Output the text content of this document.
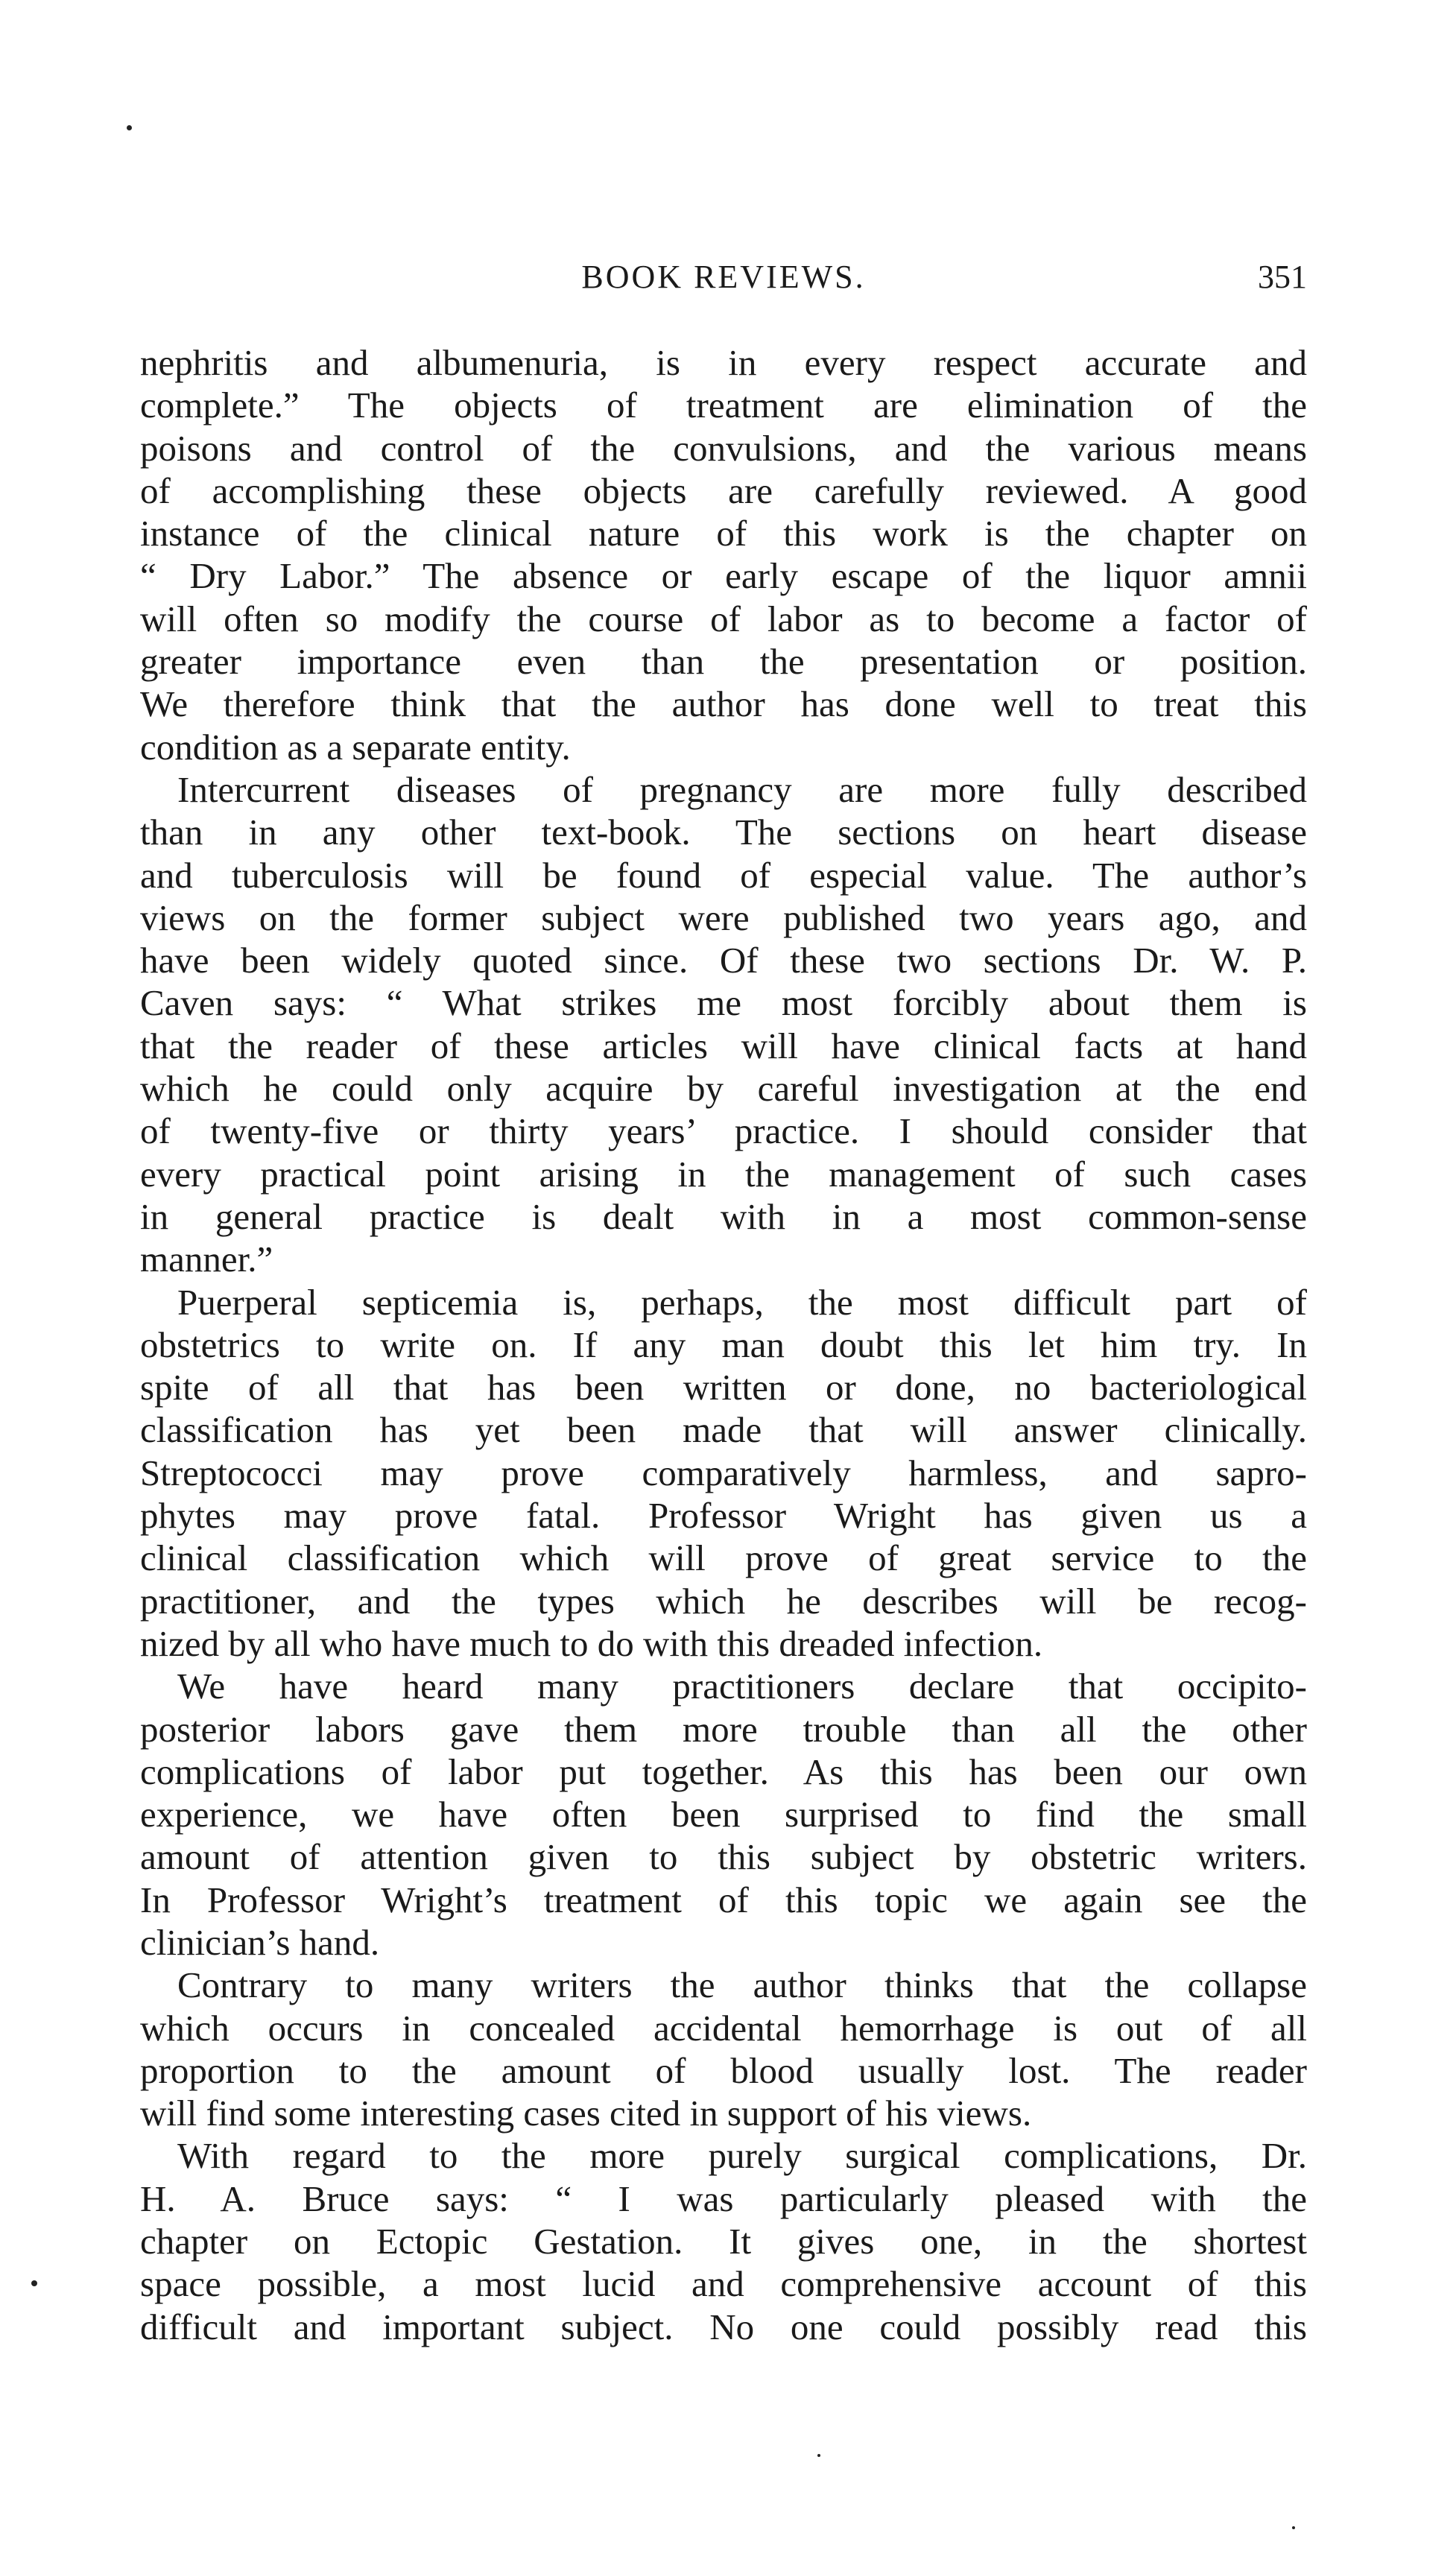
BOOK REVIEWS.	351
nephritis and albumenuria, is in every respect accurate and
complete.” The objects of treatment are elimination of the
poisons and control of the convulsions, and the various means
of accomplishing these objects are carefully reviewed. A good
instance of the clinical nature of this work is the chapter on
“ Dry Labor.” The absence or early escape of the liquor amnii
will often so modify the course of labor as to become a factor of
greater importance even than the presentation or position.
We therefore think that the author has done well to treat this
condition as a separate entity.
Intercurrent diseases of pregnancy are more fully described
than in any other text-book. The sections on heart disease
and tuberculosis will be found of especial value. The author’s
views on the former subject were published two years ago, and
have been widely quoted since. Of these two sections Dr. W. P.
Caven says: “ What strikes me most forcibly about them is
that the reader of these articles will have clinical facts at hand
which he could only acquire by careful investigation at the end
of twenty-five or thirty years’ practice. I should consider that
every practical point arising in the management of such cases
in general practice is dealt with in a most common-sense
manner.”
Puerperal septicemia is, perhaps, the most difficult part of
obstetrics to write on. If any man doubt this let him try. In
spite of all that has been written or done, no bacteriological
classification has yet been made that will answer clinically.
Streptococci may prove comparatively harmless, and sapro-
phytes may prove fatal. Professor Wright has given us a
clinical classification which will prove of great service to the
practitioner, and the types which he describes will be recog-
nized by all who have much to do with this dreaded infection.
We have heard many practitioners declare that occipito-
posterior labors gave them more trouble than all the other
complications of labor put together. As this has been our own
experience, we have often been surprised to find the small
amount of attention given to this subject by obstetric writers.
In Professor Wright’s treatment of this topic we again see the
clinician’s hand.
Contrary to many writers the author thinks that the collapse
which occurs in concealed accidental hemorrhage is out of all
proportion to the amount of blood usually lost. The reader
will find some interesting cases cited in support of his views.
With regard to the more purely surgical complications, Dr.
H. A. Bruce says: “ I was particularly pleased with the
chapter on Ectopic Gestation. It gives one, in the shortest
space possible, a most lucid and comprehensive account of this
difficult and important subject. No one could possibly read this
